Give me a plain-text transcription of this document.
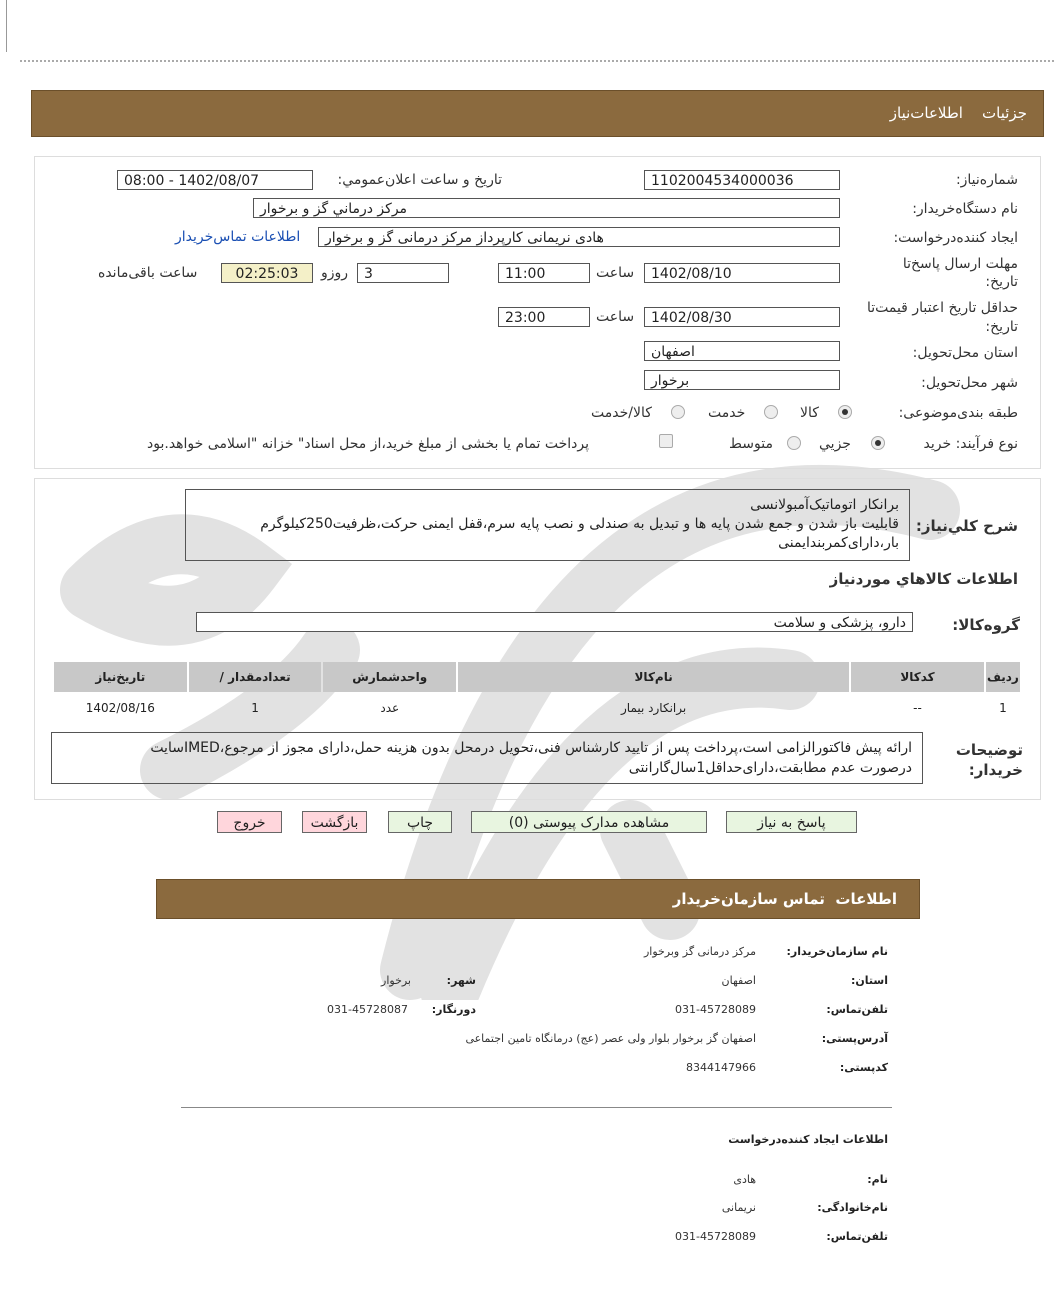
جزئیات    اطلاعات‌نیاز
شماره‌نیاز:
1102004534000036
تاریخ و ساعت اعلان‌عمومي:
1402/08/07 - 08:00
نام دستگاه‌خریدار:
مرکز درماني گز و برخوار
ایجاد کننده‌درخواست:
هادی نریمانی کارپرداز مرکز درمانی گز و برخوار
اطلاعات تماس‌خریدار
مهلت ارسال پاسخ‌تا
تاریخ:
1402/08/10
ساعت
11:00
3
روزو
02:25:03
ساعت باقی‌مانده
حداقل تاریخ اعتبار قیمت‌تا
تاریخ:
1402/08/30
ساعت
23:00
استان محل‌تحویل:
اصفهان
شهر محل‌تحویل:
برخوار
طبقه بندی‌موضوعی:
کالا
خدمت
کالا/خدمت
نوع فرآیند: خرید
جزیي
متوسط
پرداخت تمام یا بخشی از مبلغ خرید،از محل اسناد" خزانه "اسلامی خواهد.بود
شرح کلي‌نیاز:
برانکار اتوماتیک‌آمبولانسی
قابلیت باز شدن و جمع شدن پایه ها و تبدیل به صندلی و نصب پایه سرم،قفل ایمنی حرکت،ظرفیت250کیلوگرم
بار،دارای‌کمربندایمنی
اطلاعات کالاهاي موردنیاز
گروه‌کالا:
دارو، پزشکی و سلامت
ردیف	کدکالا	نام‌کالا	واحدشمارش	تعدادمقدار /	تاریخ‌نیاز
1	--	برانکارد بیمار	عدد	1	1402/08/16
توضیحات
خریدار:
ارائه پیش فاکتورالزامی است،پرداخت پس از تایید کارشناس فنی،تحویل درمحل بدون هزینه حمل،دارای مجوز از مرجوع،IMEDسایت
درصورت عدم مطابقت،دارای‌حداقل1سال‌گارانتی
پاسخ به نیاز
مشاهده مدارک پیوستی (0)
چاپ
بازگشت
خروج
اطلاعات  تماس سازمان‌خریدار
نام سازمان‌خریدار:
مرکز درمانی گز وبرخوار
استان:
اصفهان
شهر:
برخوار
تلفن‌تماس:
031-45728089
دورنگار:
031-45728087
آدرس‌پستی:
اصفهان گز برخوار بلوار ولی عصر (عج) درمانگاه تامین اجتماعی
کدپستی:
8344147966
اطلاعات ایجاد کننده‌درخواست
نام:
هادی
نام‌خانوادگی:
نریمانی
تلفن‌تماس:
031-45728089
